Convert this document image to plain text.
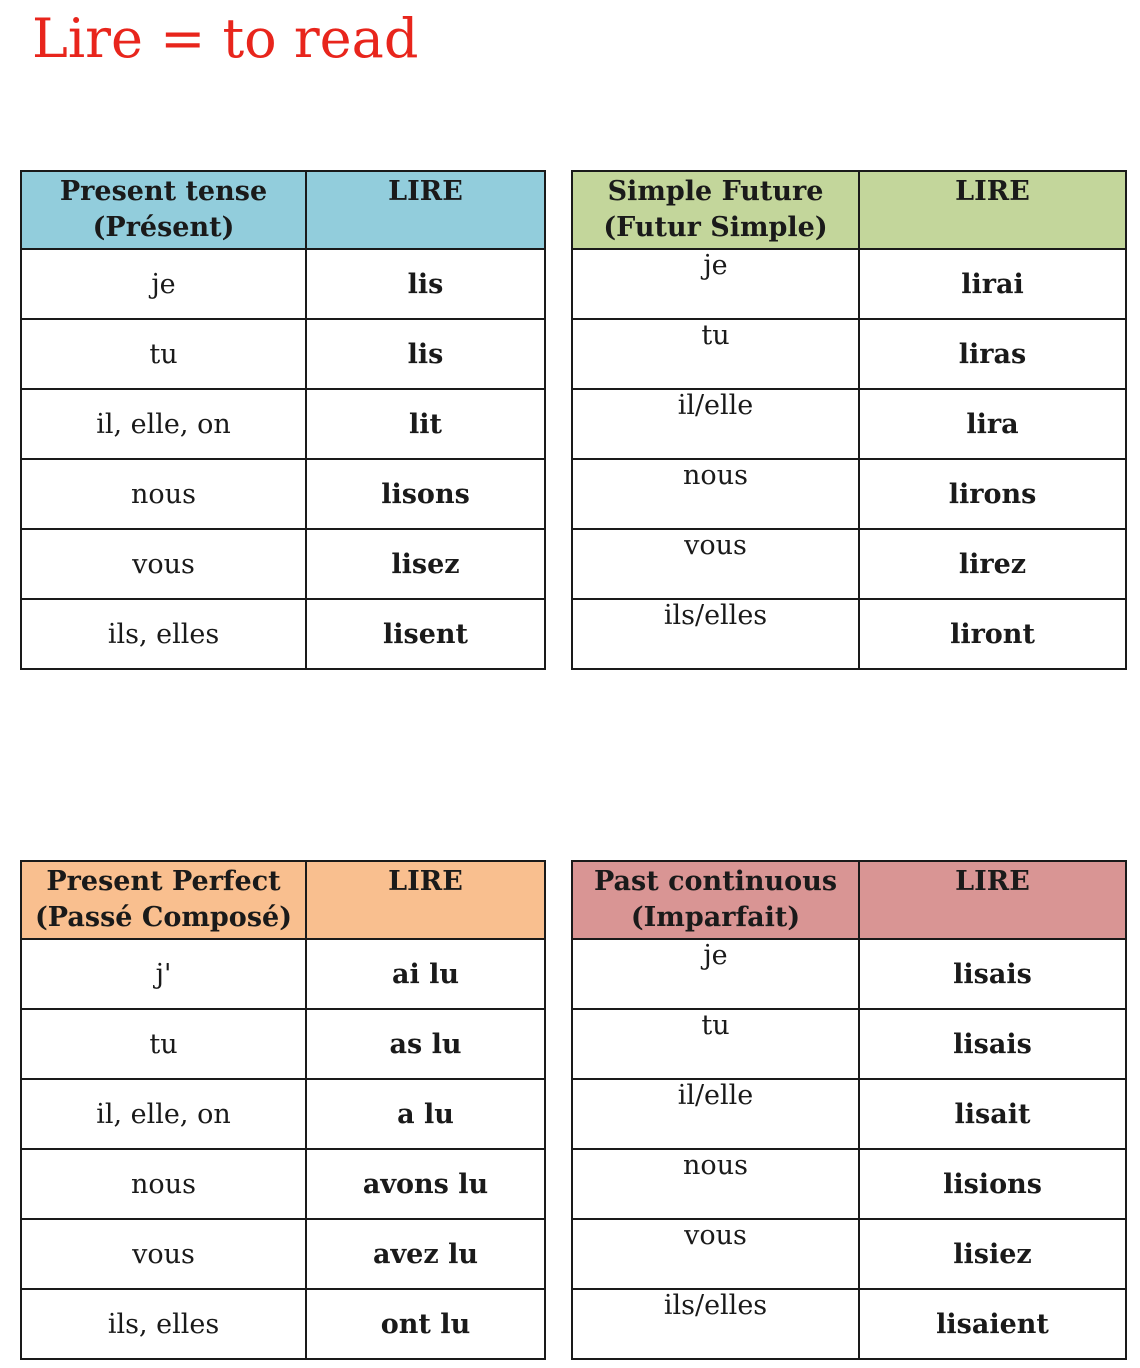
Lire = to read
Present tense
(Présent)	LIRE
je	lis
tu	lis
il, elle, on	lit
nous	lisons
vous	lisez
ils, elles	lisent
Simple Future
(Futur Simple)	LIRE
je	lirai
tu	liras
il/elle	lira
nous	lirons
vous	lirez
ils/elles	liront
Present Perfect
(Passé Composé)	LIRE
j'	ai lu
tu	as lu
il, elle, on	a lu
nous	avons lu
vous	avez lu
ils, elles	ont lu
Past continuous
(Imparfait)	LIRE
je	lisais
tu	lisais
il/elle	lisait
nous	lisions
vous	lisiez
ils/elles	lisaient
